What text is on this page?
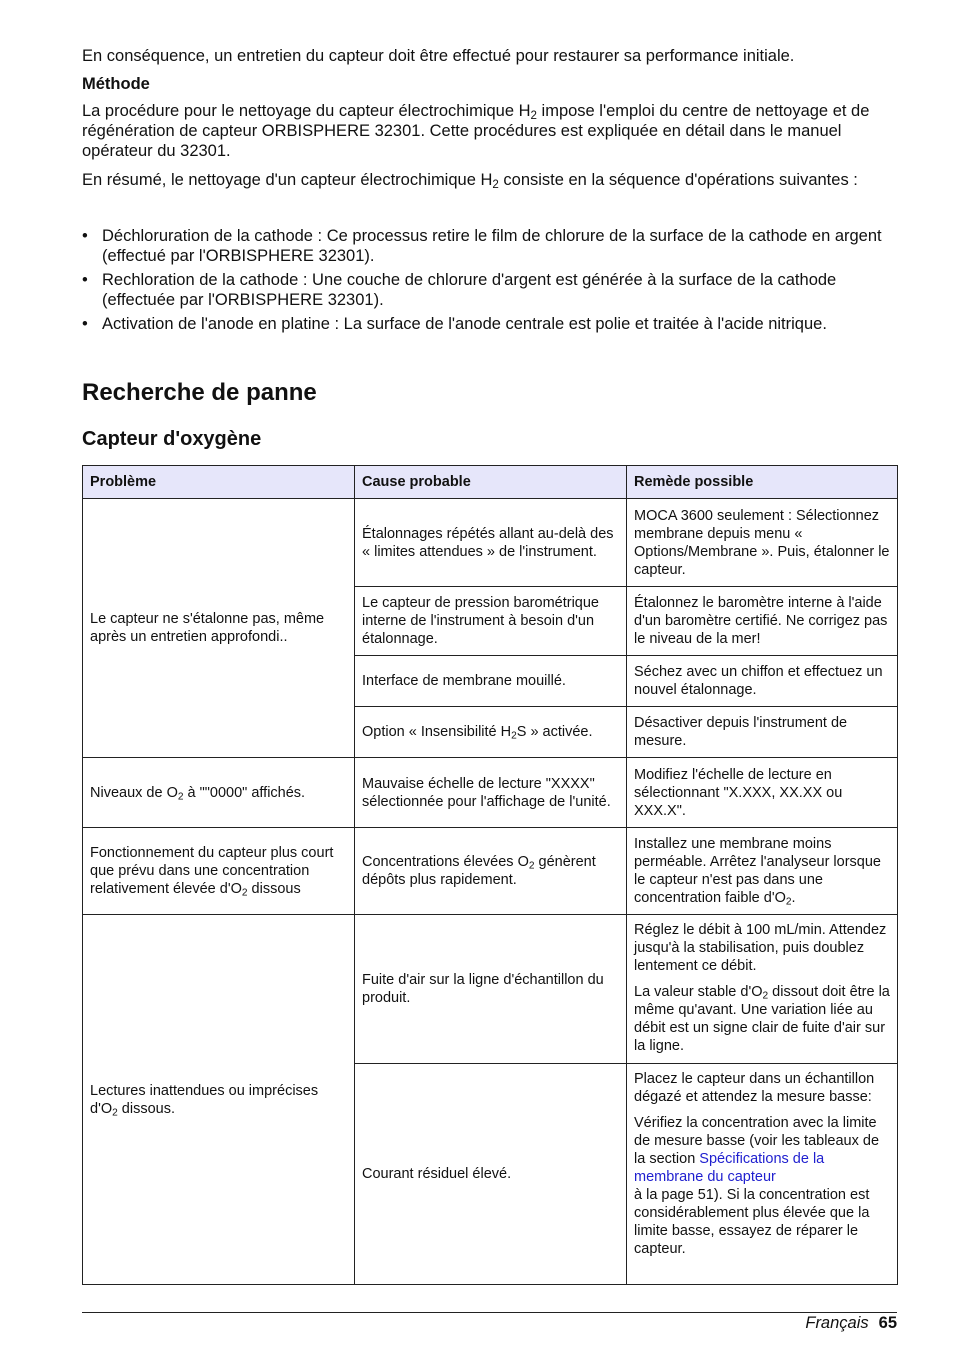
En conséquence, un entretien du capteur doit être effectué pour restaurer sa performance initiale.

Méthode

La procédure pour le nettoyage du capteur électrochimique $H_2$ impose l'emploi du centre de nettoyage et de régénération de capteur ORBISPHERE 32301. Cette procédures est expliquée en détail dans le manuel opérateur du 32301.

En résumé, le nettoyage d'un capteur électrochimique $H_2$ consiste en la séquence d'opérations suivantes :

• Déchloruration de la cathode : Ce processus retire le film de chlorure de la surface de la cathode en argent (effectué par l'ORBISPHERE 32301).
• Rechloration de la cathode : Une couche de chlorure d'argent est générée à la surface de la cathode (effectuée par l'ORBISPHERE 32301).
• Activation de l'anode en platine : La surface de l'anode centrale est polie et traitée à l'acide nitrique.
Recherche de panne
Capteur d'oxygène
Problème	Cause probable	Remède possible
Le capteur ne s'étalonne pas, même après un entretien approfondi..	Étalonnages répétés allant au-delà des « limites attendues » de l'instrument.	MOCA 3600 seulement : Sélectionnez membrane depuis menu « Options/Membrane ». Puis, étalonner le capteur.
	Le capteur de pression barométrique interne de l'instrument à besoin d'un étalonnage.	Étalonnez le baromètre interne à l'aide d'un baromètre certifié. Ne corrigez pas le niveau de la mer!
	Interface de membrane mouillé.	Séchez avec un chiffon et effectuez un nouvel étalonnage.
	Option « Insensibilité $H_2S$ » activée.	Désactiver depuis l'instrument de mesure.
Niveaux de $O_2$ à ""0000" affichés.	Mauvaise échelle de lecture "XXXX" sélectionnée pour l'affichage de l'unité.	Modifiez l'échelle de lecture en sélectionnant "X.XXX, XX.XX ou XXX.X".
Fonctionnement du capteur plus court que prévu dans une concentration relativement élevée $d'O_2$ dissous	Concentrations élevées $O_2$ génèrent dépôts plus rapidement.	Installez une membrane moins perméable. Arrêtez l'analyseur lorsque le capteur n'est pas dans une concentration faible $d'O_2$.
Lectures inattendues ou imprécises $d'O_2$ dissous.	Fuite d'air sur la ligne d'échantillon du produit.	Réglez le débit à 100 mL/min. Attendez jusqu'à la stabilisation, puis doublez lentement ce débit.

La valeur stable $d'O_2$ dissout doit être la même qu'avant. Une variation liée au débit est un signe clair de fuite d'air sur la ligne.

	Courant résiduel élevé.	Placez le capteur dans un échantillon dégazé et attendez la mesure basse:

Vérifiez la concentration avec la limite de mesure basse (voir les tableaux de la section Spécifications de la membrane du capteur
à la page 51). Si la concentration est considérablement plus élevée que la limite basse, essayez de réparer le capteur.

Français 65
